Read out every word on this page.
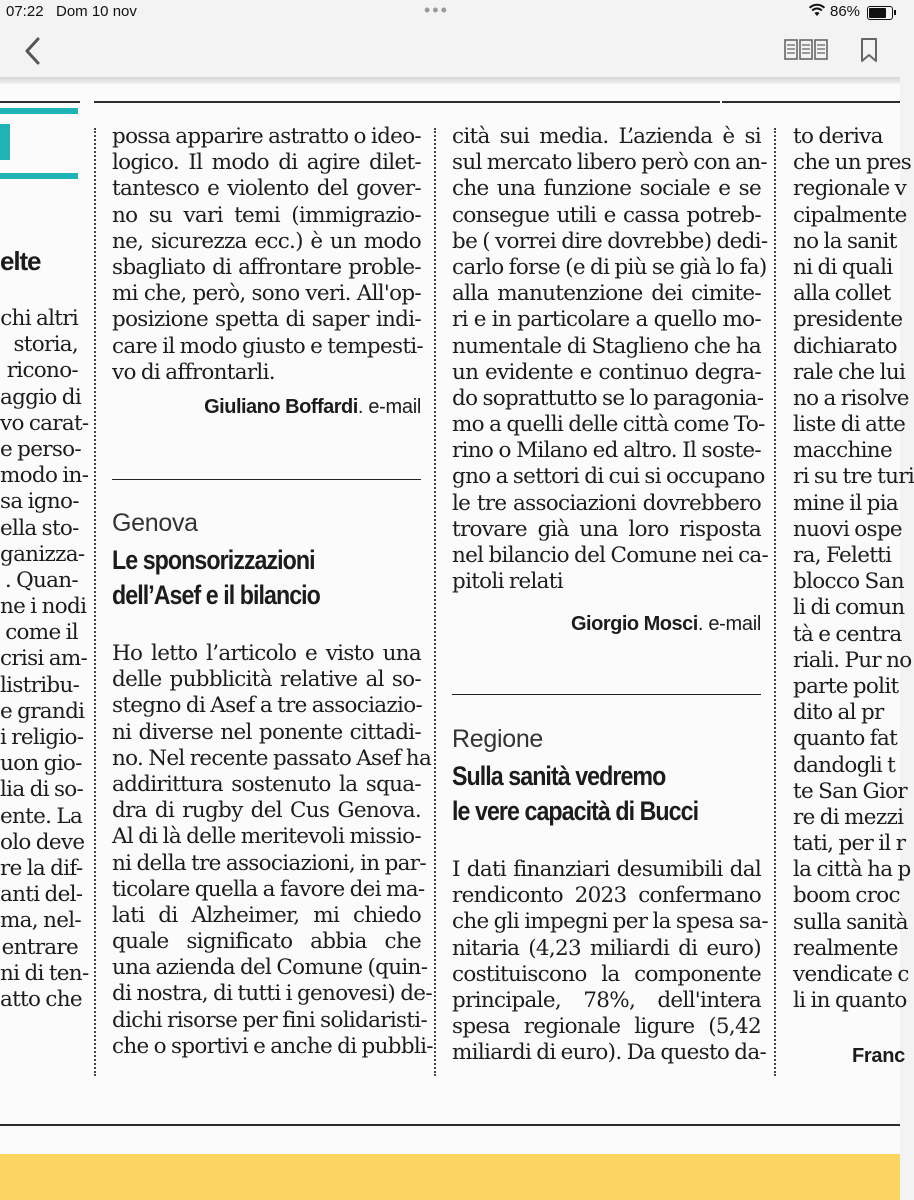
07:22 Dom 10 nov	•••	86%
elte
chi altri
storia,
ricono-
aggio di
vo carat-
e perso-
modo in-
sa igno-
ella sto-
ganizza-
. Quan-
ne i nodi
come il
crisi am-
listribu-
e grandi
i religio-
uon gio-
lia di so-
ente. La
olo deve
re la dif-
anti del-
ma, nel-
entrare
ni di ten-
atto che
possa apparire astratto o ideo-
logico. Il modo di agire dilet-
tantesco e violento del gover-
no su vari temi (immigrazio-
ne, sicurezza ecc.) è un modo
sbagliato di affrontare proble-
mi che, però, sono veri. All'op-
posizione spetta di saper indi-
care il modo giusto e tempesti-
vo di affrontarli.
Giuliano Boffardi. e-mail
Genova
Le sponsorizzazioni
dell’Asef e il bilancio
Ho letto l’articolo e visto una
delle pubblicità relative al so-
stegno di Asef a tre associazio-
ni diverse nel ponente cittadi-
no. Nel recente passato Asef ha
addirittura sostenuto la squa-
dra di rugby del Cus Genova.
Al di là delle meritevoli missio-
ni della tre associazioni, in par-
ticolare quella a favore dei ma-
lati di Alzheimer, mi chiedo
quale significato abbia che
una azienda del Comune (quin-
di nostra, di tutti i genovesi) de-
dichi risorse per fini solidaristi-
che o sportivi e anche di pubbli-
cità sui media. L’azienda è si
sul mercato libero però con an-
che una funzione sociale e se
consegue utili e cassa potreb-
be ( vorrei dire dovrebbe) dedi-
carlo forse (e di più se già lo fa)
alla manutenzione dei cimite-
ri e in particolare a quello mo-
numentale di Staglieno che ha
un evidente e continuo degra-
do soprattutto se lo paragonia-
mo a quelli delle città come To-
rino o Milano ed altro. Il soste-
gno a settori di cui si occupano
le tre associazioni dovrebbero
trovare già una loro risposta
nel bilancio del Comune nei ca-
pitoli relati
Giorgio Mosci. e-mail
Regione
Sulla sanità vedremo
le vere capacità di Bucci
I dati finanziari desumibili dal
rendiconto 2023 confermano
che gli impegni per la spesa sa-
nitaria (4,23 miliardi di euro)
costituiscono la componente
principale, 78%, dell'intera
spesa regionale ligure (5,42
miliardi di euro). Da questo da-
to deriva
che un pres
regionale v
cipalmente
no la sanit
ni di quali
alla collet
presidente
dichiarato
rale che lui
no a risolve
liste di atte
macchine
ri su tre turi
mine il pia
nuovi ospe
ra, Feletti
blocco San
li di comun
tà e centra
riali. Pur no
parte polit
dito al pr
quanto fat
dandogli t
te San Gior
re di mezzi
tati, per il r
la città ha p
boom croc
sulla sanità
realmente
vendicate c
li in quanto
Franc
